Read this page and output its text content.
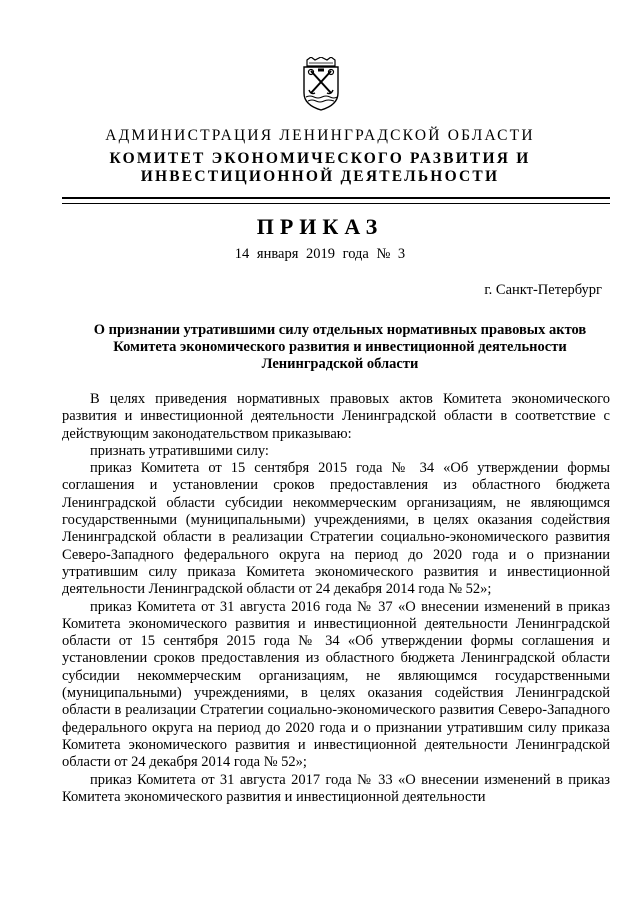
АДМИНИСТРАЦИЯ ЛЕНИНГРАДСКОЙ ОБЛАСТИ
КОМИТЕТ ЭКОНОМИЧЕСКОГО РАЗВИТИЯ И
ИНВЕСТИЦИОННОЙ ДЕЯТЕЛЬНОСТИ
ПРИКАЗ
14 января 2019 года № 3
г. Санкт-Петербург
О признании утратившими силу отдельных нормативных правовых актов
Комитета экономического развития и инвестиционной деятельности
Ленинградской области

В целях приведения нормативных правовых актов Комитета экономического развития и инвестиционной деятельности Ленинградской области в соответствие с действующим законодательством приказываю:

признать утратившими силу:

приказ Комитета от 15 сентября 2015 года № 34 «Об утверждении формы соглашения и установлении сроков предоставления из областного бюджета Ленинградской области субсидии некоммерческим организациям, не являющимся государственными (муниципальными) учреждениями, в целях оказания содействия Ленинградской области в реализации Стратегии социально-экономического развития Северо-Западного федерального округа на период до 2020 года и о признании утратившим силу приказа Комитета экономического развития и инвестиционной деятельности Ленинградской области от 24 декабря 2014 года № 52»;

приказ Комитета от 31 августа 2016 года № 37 «О внесении изменений в приказ Комитета экономического развития и инвестиционной деятельности Ленинградской области от 15 сентября 2015 года № 34 «Об утверждении формы соглашения и установлении сроков предоставления из областного бюджета Ленинградской области субсидии некоммерческим организациям, не являющимся государственными (муниципальными) учреждениями, в целях оказания содействия Ленинградской области в реализации Стратегии социально-экономического развития Северо-Западного федерального округа на период до 2020 года и о признании утратившим силу приказа Комитета экономического развития и инвестиционной деятельности Ленинградской области от 24 декабря 2014 года № 52»;

приказ Комитета от 31 августа 2017 года № 33 «О внесении изменений в приказ Комитета экономического развития и инвестиционной деятельности
